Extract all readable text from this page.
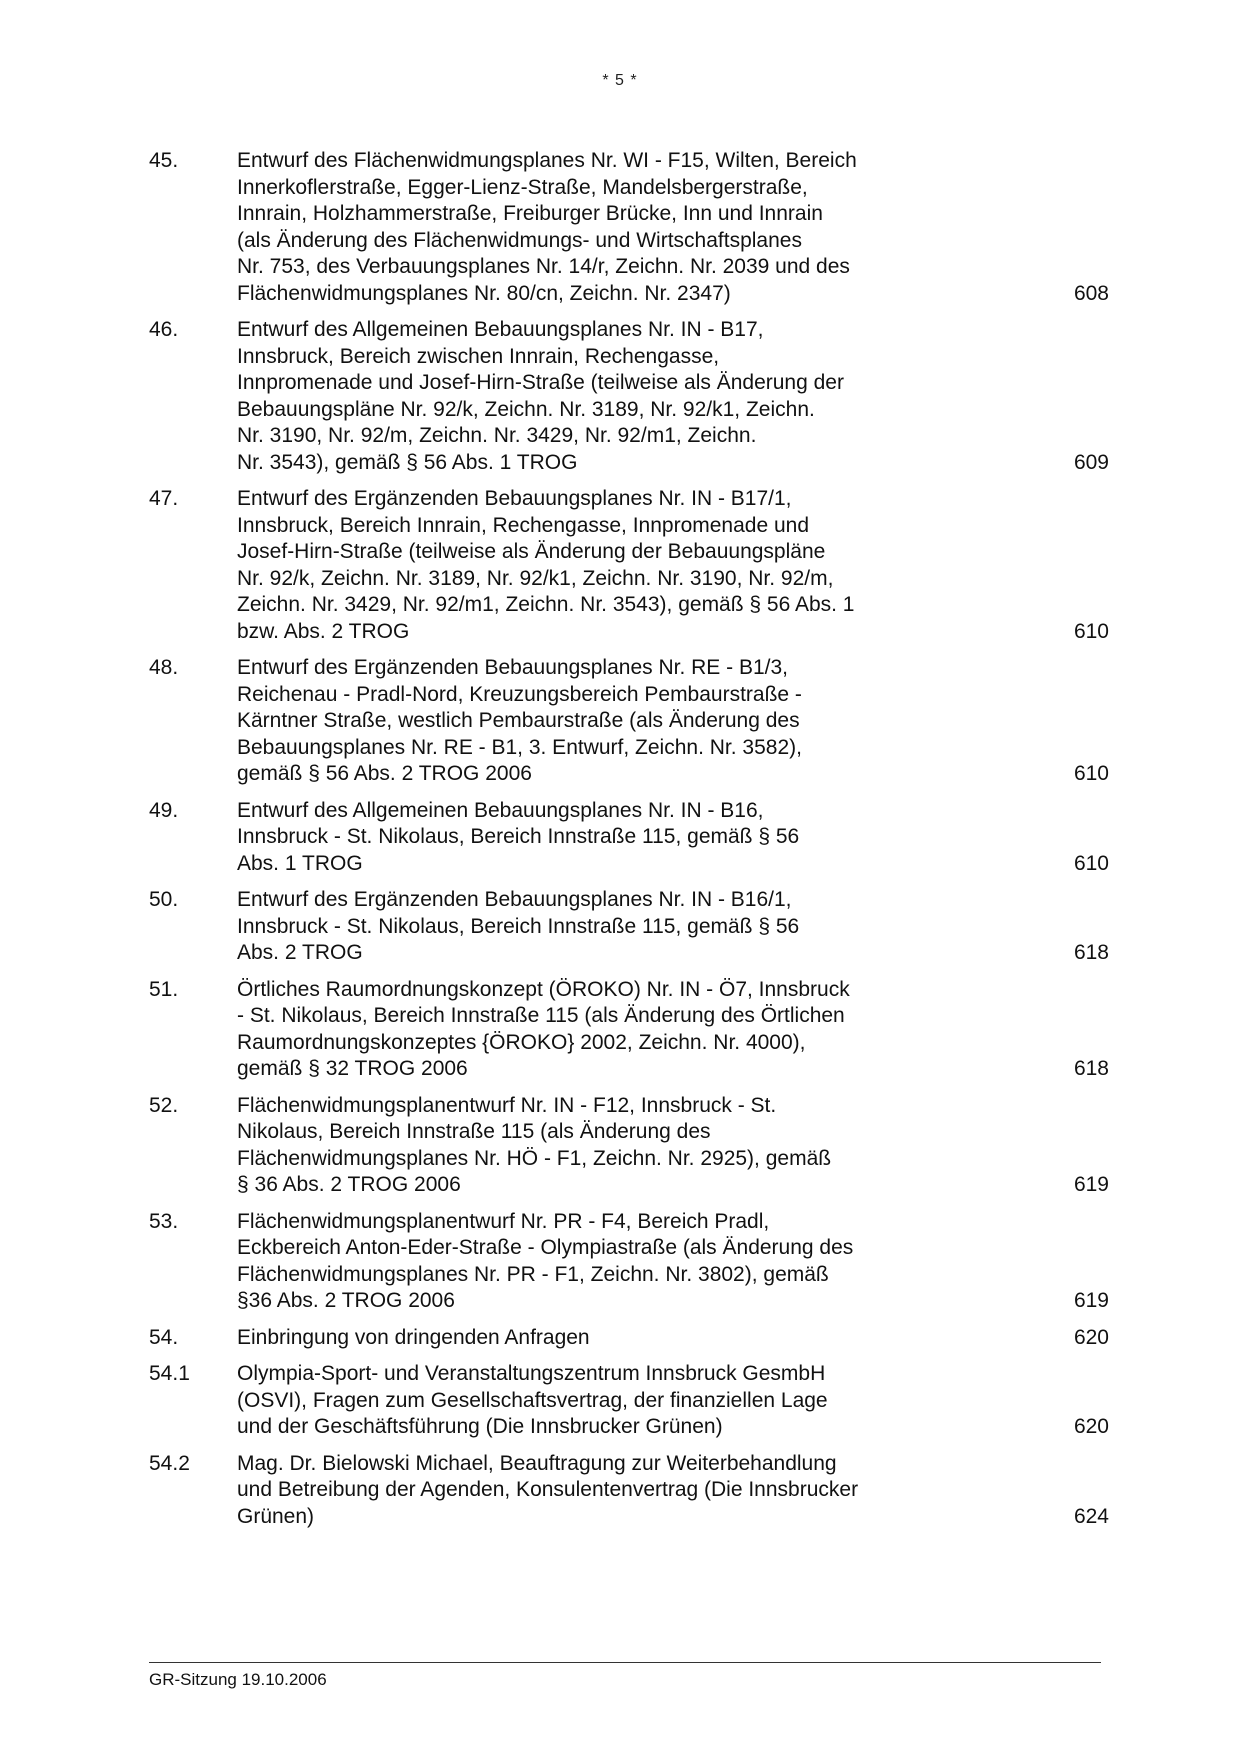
* 5 *
45.	Entwurf des Flächenwidmungsplanes Nr. WI - F15, Wilten, Bereich
Innerkoflerstraße, Egger-Lienz-Straße, Mandelsbergerstraße,
Innrain, Holzhammerstraße, Freiburger Brücke, Inn und Innrain
(als Änderung des Flächenwidmungs- und Wirtschaftsplanes
Nr. 753, des Verbauungsplanes Nr. 14/r, Zeichn. Nr. 2039 und des
Flächenwidmungsplanes Nr. 80/cn, Zeichn. Nr. 2347)	608
46.	Entwurf des Allgemeinen Bebauungsplanes Nr. IN - B17,
Innsbruck, Bereich zwischen Innrain, Rechengasse,
Innpromenade und Josef-Hirn-Straße (teilweise als Änderung der
Bebauungspläne Nr. 92/k, Zeichn. Nr. 3189, Nr. 92/k1, Zeichn.
Nr. 3190, Nr. 92/m, Zeichn. Nr. 3429, Nr. 92/m1, Zeichn.
Nr. 3543), gemäß § 56 Abs. 1 TROG	609
47.	Entwurf des Ergänzenden Bebauungsplanes Nr. IN - B17/1,
Innsbruck, Bereich Innrain, Rechengasse, Innpromenade und
Josef-Hirn-Straße (teilweise als Änderung der Bebauungspläne
Nr. 92/k, Zeichn. Nr. 3189, Nr. 92/k1, Zeichn. Nr. 3190, Nr. 92/m,
Zeichn. Nr. 3429, Nr. 92/m1, Zeichn. Nr. 3543), gemäß § 56 Abs. 1
bzw. Abs. 2 TROG	610
48.	Entwurf des Ergänzenden Bebauungsplanes Nr. RE - B1/3,
Reichenau - Pradl-Nord, Kreuzungsbereich Pembaurstraße -
Kärntner Straße, westlich Pembaurstraße (als Änderung des
Bebauungsplanes Nr. RE - B1, 3. Entwurf, Zeichn. Nr. 3582),
gemäß § 56 Abs. 2 TROG 2006	610
49.	Entwurf des Allgemeinen Bebauungsplanes Nr. IN - B16,
Innsbruck - St. Nikolaus, Bereich Innstraße 115, gemäß § 56
Abs. 1 TROG	610
50.	Entwurf des Ergänzenden Bebauungsplanes Nr. IN - B16/1,
Innsbruck - St. Nikolaus, Bereich Innstraße 115, gemäß § 56
Abs. 2 TROG	618
51.	Örtliches Raumordnungskonzept (ÖROKO) Nr. IN - Ö7, Innsbruck
- St. Nikolaus, Bereich Innstraße 115 (als Änderung des Örtlichen
Raumordnungskonzeptes {ÖROKO} 2002, Zeichn. Nr. 4000),
gemäß § 32 TROG 2006	618
52.	Flächenwidmungsplanentwurf Nr. IN - F12, Innsbruck - St.
Nikolaus, Bereich Innstraße 115 (als Änderung des
Flächenwidmungsplanes Nr. HÖ - F1, Zeichn. Nr. 2925), gemäß
§ 36 Abs. 2 TROG 2006	619
53.	Flächenwidmungsplanentwurf Nr. PR - F4, Bereich Pradl,
Eckbereich Anton-Eder-Straße - Olympiastraße (als Änderung des
Flächenwidmungsplanes Nr. PR - F1, Zeichn. Nr. 3802), gemäß
§36 Abs. 2 TROG 2006	619
54.	Einbringung von dringenden Anfragen	620
54.1	Olympia-Sport- und Veranstaltungszentrum Innsbruck GesmbH
(OSVI), Fragen zum Gesellschaftsvertrag, der finanziellen Lage
und der Geschäftsführung (Die Innsbrucker Grünen)	620
54.2	Mag. Dr. Bielowski Michael, Beauftragung zur Weiterbehandlung
und Betreibung der Agenden, Konsulentenvertrag (Die Innsbrucker
Grünen)	624
GR-Sitzung 19.10.2006
